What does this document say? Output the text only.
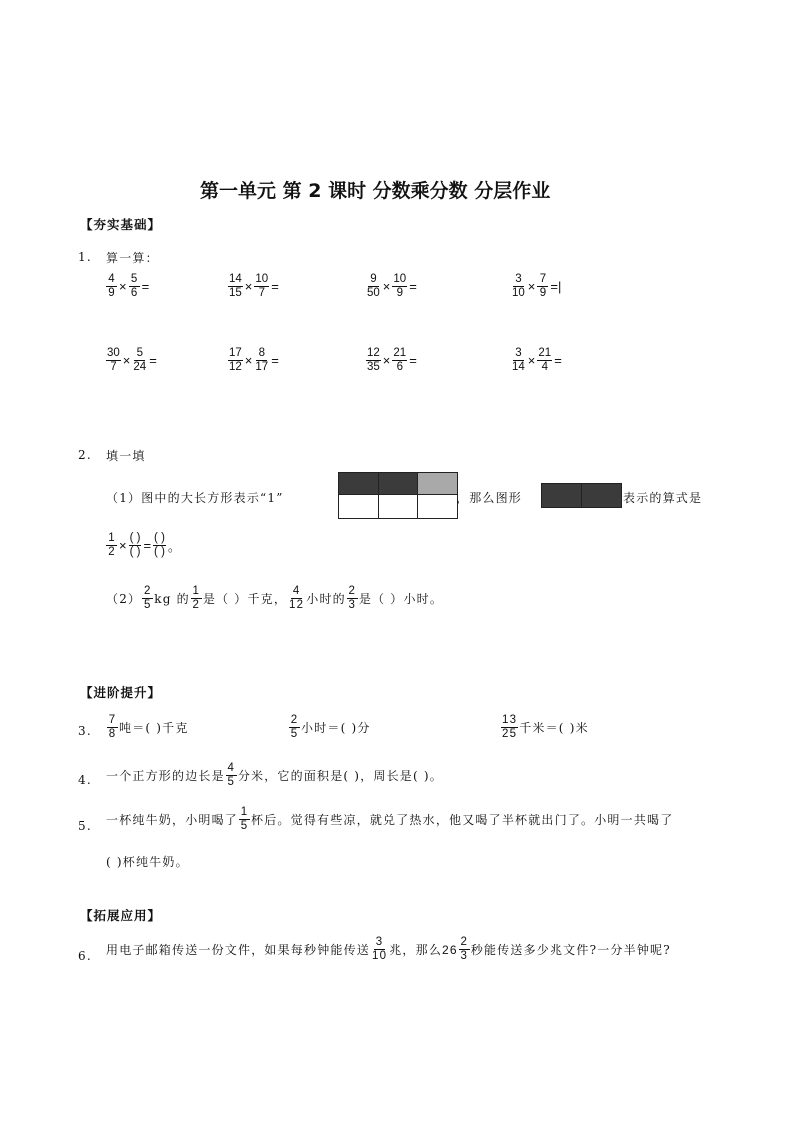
第一单元 第 2 课时 分数乘分数 分层作业
【夯实基础】
1. 算一算：
$\frac{4}{9} \times \frac{5}{6}$ =	$\frac{14}{15} \times \frac{10}{7}$ =	$\frac{9}{50} \times \frac{10}{9}$ =	$\frac{3}{10} \times \frac{7}{9}$ =|
$\frac{30}{7} \times \frac{5}{24}$ =	$\frac{17}{12} \times \frac{8}{17}$ =	$\frac{12}{35} \times \frac{21}{6}$ =	$\frac{3}{14} \times \frac{21}{4}$ =
2. 填一填
（1）图中的大长方形表示“1”	，那么图形	表示的算式是
$\frac{1}{2} \times \frac{( )}{( )} = \frac{( )}{( )}$ 。
$(2) \frac{2}{5}$ kg 的 $\frac{1}{2}$ 是（ ）千克， $\frac{4}{12}$ 小时的 $\frac{2}{3}$ 是（ ）小时。
【进阶提升】
3. $\frac{7}{8}$ 吨＝( )千克	$\frac{2}{5}$ 小时＝( )分	$\frac{13}{25}$ 千米＝( )米
4. 一个正方形的边长是 $\frac{4}{5}$ 分米，它的面积是( )，周长是( )。
5. 一杯纯牛奶，小明喝了 $\frac{1}{5}$ 杯后。觉得有些凉，就兑了热水，他又喝了半杯就出门了。小明一共喝了
( )杯纯牛奶。
【拓展应用】
6. 用电子邮箱传送一份文件，如果每秒钟能传送 $\frac{3}{10}$ 兆，那么 $26 \frac{2}{3}$ 秒能传送多少兆文件?一分半钟呢?
